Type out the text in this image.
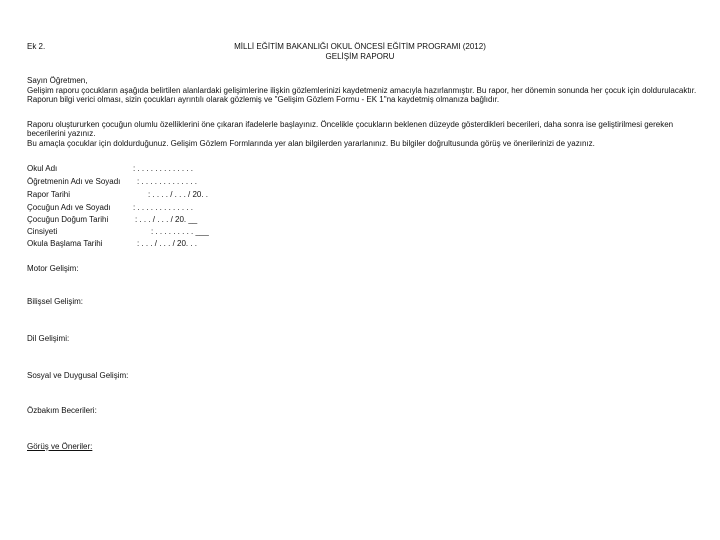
Ek 2.	MİLLİ EĞİTİM BAKANLIĞI OKUL ÖNCESİ EĞİTİM PROGRAMI (2012)
GELİŞİM RAPORU
Sayın Öğretmen,
Gelişim raporu çocukların aşağıda belirtilen alanlardaki gelişimlerine ilişkin gözlemlerinizi kaydetmeniz amacıyla hazırlanmıştır. Bu rapor, her dönemin sonunda her çocuk için doldurulacaktır. Raporun bilgi verici olması, sizin çocukları ayrıntılı olarak gözlemiş ve "Gelişim Gözlem Formu - EK 1"na kaydetmiş olmanıza bağlıdır.
Raporu oluştururken çocuğun olumlu özelliklerini öne çıkaran ifadelerle başlayınız. Öncelikle çocukların beklenen düzeyde gösterdikleri becerileri, daha sonra ise geliştirilmesi gereken becerilerini yazınız.
Bu amaçla çocuklar için doldurduğunuz. Gelişim Gözlem Formlarında yer alan bilgilerden yararlanınız. Bu bilgiler doğrultusunda görüş ve önerilerinizi de yazınız.
Okul Adı	: . . . . . . . . . . . . .
Öğretmenin Adı ve Soyadı : . . . . . . . . . . . . .
Rapor Tarihi	: . . . . / . . . / 20. .
Çocuğun Adı ve Soyadı	: . . . . . . . . . . . . .
Çocuğun Doğum Tarihi	: . . . / . . . / 20. __
Cinsiyeti	: . . . . . . . . . ___
Okula Başlama Tarihi	: . . . / . . . / 20. . .
Motor Gelişim:
Bilişsel Gelişim:
Dil Gelişimi:
Sosyal ve Duygusal Gelişim:
Özbakım Becerileri:
Görüş ve Öneriler:
